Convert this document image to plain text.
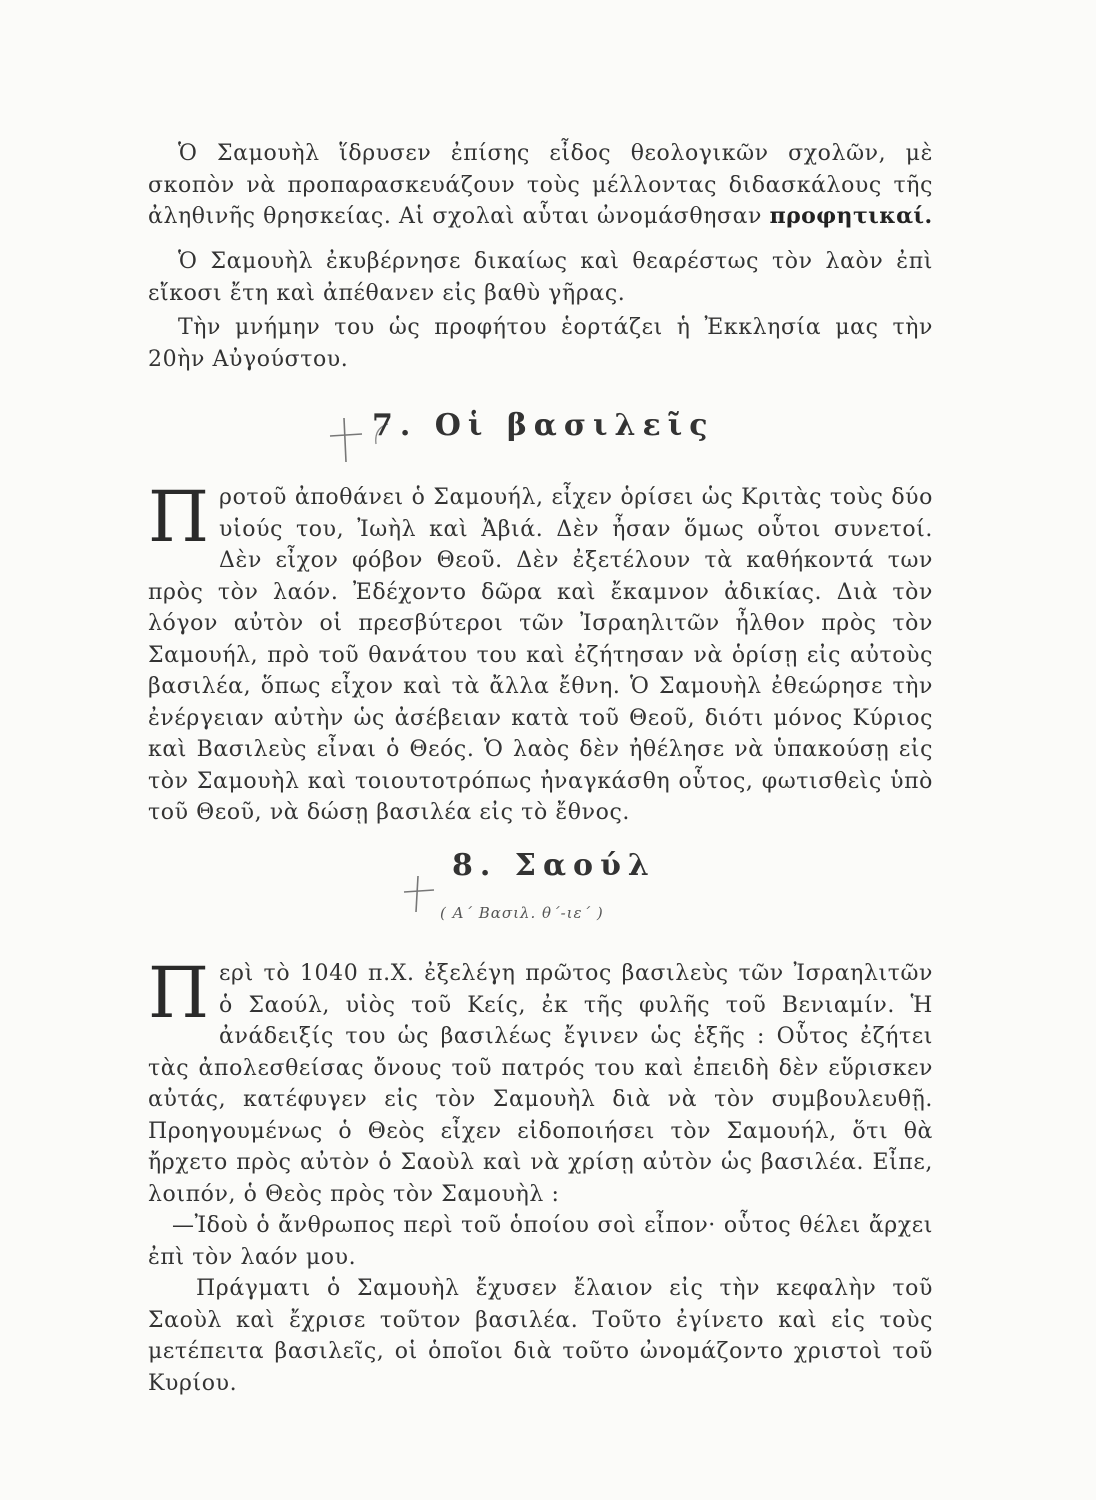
Ὁ Σαμουὴλ ἵδρυσεν ἐπίσης εἶδος θεολογικῶν σχολῶν, μὲ σκοπὸν νὰ προπαρασκευάζουν τοὺς μέλλοντας διδασκάλους τῆς ἀληθινῆς θρησκείας. Αἱ σχολαὶ αὗται ὠνομάσθησαν προφητικαί.

Ὁ Σαμουὴλ ἐκυβέρνησε δικαίως καὶ θεαρέστως τὸν λαὸν ἐπὶ εἴκοσι ἔτη καὶ ἀπέθανεν εἰς βαθὺ γῆρας.

Τὴν μνήμην του ὡς προφήτου ἑορτάζει ἡ Ἐκκλησία μας τὴν 20ὴν Αὐγούστου.

7. Οἱ βασιλεῖς
Π ροτοῦ ἀποθάνει ὁ Σαμουήλ, εἶχεν ὁρίσει ὡς Κριτὰς τοὺς δύο υἱούς του, Ἰωὴλ καὶ Ἀβιά. Δὲν ἦσαν ὅμως οὗτοι συνετοί. Δὲν εἶχον φόβον Θεοῦ. Δὲν ἐξετέλουν τὰ καθήκοντά των πρὸς τὸν λαόν. Ἐδέχοντο δῶρα καὶ ἔκαμνον ἀδικίας. Διὰ τὸν λόγον αὐτὸν οἱ πρεσβύτεροι τῶν Ἰσραηλιτῶν ἦλθον πρὸς τὸν Σαμουήλ, πρὸ τοῦ θανάτου του καὶ ἐζήτησαν νὰ ὁρίσῃ εἰς αὐτοὺς βασιλέα, ὅπως εἶχον καὶ τὰ ἄλλα ἔθνη. Ὁ Σαμουὴλ ἐθεώρησε τὴν ἐνέργειαν αὐτὴν ὡς ἀσέβειαν κατὰ τοῦ Θεοῦ, διότι μόνος Κύριος καὶ Βασιλεὺς εἶναι ὁ Θεός. Ὁ λαὸς δὲν ἠθέλησε νὰ ὑπακούσῃ εἰς τὸν Σαμουὴλ καὶ τοιουτοτρόπως ἠναγκάσθη οὗτος, φωτισθεὶς ὑπὸ τοῦ Θεοῦ, νὰ δώσῃ βασιλέα εἰς τὸ ἔθνος.

8. Σαούλ

( Α΄ Βασιλ. θ΄-ιε΄ )

Π ερὶ τὸ 1040 π.Χ. ἐξελέγη πρῶτος βασιλεὺς τῶν Ἰσραηλιτῶν ὁ Σαούλ, υἱὸς τοῦ Κείς, ἐκ τῆς φυλῆς τοῦ Βενιαμίν. Ἡ ἀνάδειξίς του ὡς βασιλέως ἔγινεν ὡς ἑξῆς : Οὗτος ἐζήτει τὰς ἀπολεσθείσας ὄνους τοῦ πατρός του καὶ ἐπειδὴ δὲν εὕρισκεν αὐτάς, κατέφυγεν εἰς τὸν Σαμουὴλ διὰ νὰ τὸν συμβουλευθῇ. Προηγουμένως ὁ Θεὸς εἶχεν εἰδοποιήσει τὸν Σαμουήλ, ὅτι θὰ ἤρχετο πρὸς αὐτὸν ὁ Σαοὺλ καὶ νὰ χρίσῃ αὐτὸν ὡς βασιλέα. Εἶπε, λοιπόν, ὁ Θεὸς πρὸς τὸν Σαμουὴλ :

—Ἰδοὺ ὁ ἄνθρωπος περὶ τοῦ ὁποίου σοὶ εἶπον· οὗτος θέλει ἄρχει ἐπὶ τὸν λαόν μου.

Πράγματι ὁ Σαμουὴλ ἔχυσεν ἔλαιον εἰς τὴν κεφαλὴν τοῦ Σαοὺλ καὶ ἔχρισε τοῦτον βασιλέα. Τοῦτο ἐγίνετο καὶ εἰς τοὺς μετέπειτα βασιλεῖς, οἱ ὁποῖοι διὰ τοῦτο ὠνομάζοντο χριστοὶ τοῦ Κυρίου.
